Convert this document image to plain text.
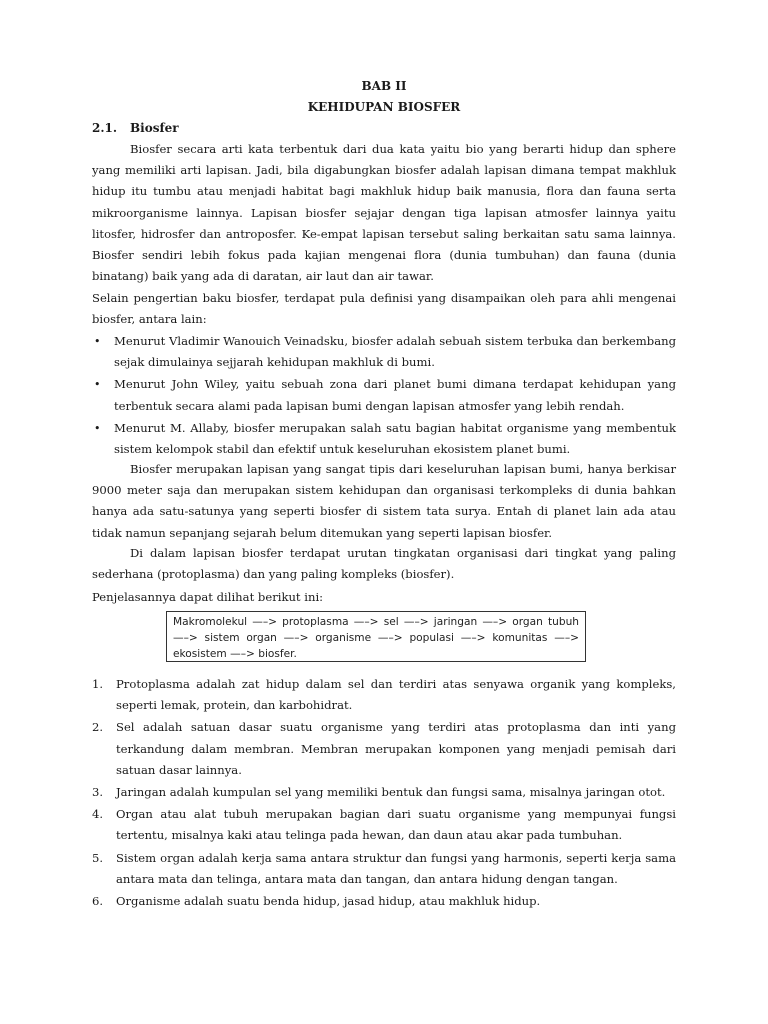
BAB II
KEHIDUPAN BIOSFER
2.1. Biosfer

Biosfer secara arti kata terbentuk dari dua kata yaitu bio yang berarti hidup dan sphere yang memiliki arti lapisan. Jadi, bila digabungkan biosfer adalah lapisan dimana tempat makhluk hidup itu tumbu atau menjadi habitat bagi makhluk hidup baik manusia, flora dan fauna serta mikroorganisme lainnya. Lapisan biosfer sejajar dengan tiga lapisan atmosfer lainnya yaitu litosfer, hidrosfer dan antroposfer. Ke-empat lapisan tersebut saling berkaitan satu sama lainnya. Biosfer sendiri lebih fokus pada kajian mengenai flora (dunia tumbuhan) dan fauna (dunia binatang) baik yang ada di daratan, air laut dan air tawar.

Selain pengertian baku biosfer, terdapat pula definisi yang disampaikan oleh para ahli mengenai biosfer, antara lain:

• Menurut Vladimir Wanouich Veinadsku, biosfer adalah sebuah sistem terbuka dan berkembang sejak dimulainya sejjarah kehidupan makhluk di bumi.
• Menurut John Wiley, yaitu sebuah zona dari planet bumi dimana terdapat kehidupan yang terbentuk secara alami pada lapisan bumi dengan lapisan atmosfer yang lebih rendah.
• Menurut M. Allaby, biosfer merupakan salah satu bagian habitat organisme yang membentuk sistem kelompok stabil dan efektif untuk keseluruhan ekosistem planet bumi.

Biosfer merupakan lapisan yang sangat tipis dari keseluruhan lapisan bumi, hanya berkisar 9000 meter saja dan merupakan sistem kehidupan dan organisasi terkompleks di dunia bahkan hanya ada satu-satunya yang seperti biosfer di sistem tata surya. Entah di planet lain ada atau tidak namun sepanjang sejarah belum ditemukan yang seperti lapisan biosfer.

Di dalam lapisan biosfer terdapat urutan tingkatan organisasi dari tingkat yang paling sederhana (protoplasma) dan yang paling kompleks (biosfer).

Penjelasannya dapat dilihat berikut ini:

Makromolekul —–> protoplasma —–> sel —–> jaringan —–> organ tubuh —–> sistem organ —–> organisme —–> populasi —–> komunitas —–> ekosistem —–> biosfer.
1. Protoplasma adalah zat hidup dalam sel dan terdiri atas senyawa organik yang kompleks, seperti lemak, protein, dan karbohidrat.
2. Sel adalah satuan dasar suatu organisme yang terdiri atas protoplasma dan inti yang terkandung dalam membran. Membran merupakan komponen yang menjadi pemisah dari satuan dasar lainnya.
3. Jaringan adalah kumpulan sel yang memiliki bentuk dan fungsi sama, misalnya jaringan otot.
4. Organ atau alat tubuh merupakan bagian dari suatu organisme yang mempunyai fungsi tertentu, misalnya kaki atau telinga pada hewan, dan daun atau akar pada tumbuhan.
5. Sistem organ adalah kerja sama antara struktur dan fungsi yang harmonis, seperti kerja sama antara mata dan telinga, antara mata dan tangan, dan antara hidung dengan tangan.
6. Organisme adalah suatu benda hidup, jasad hidup, atau makhluk hidup.
